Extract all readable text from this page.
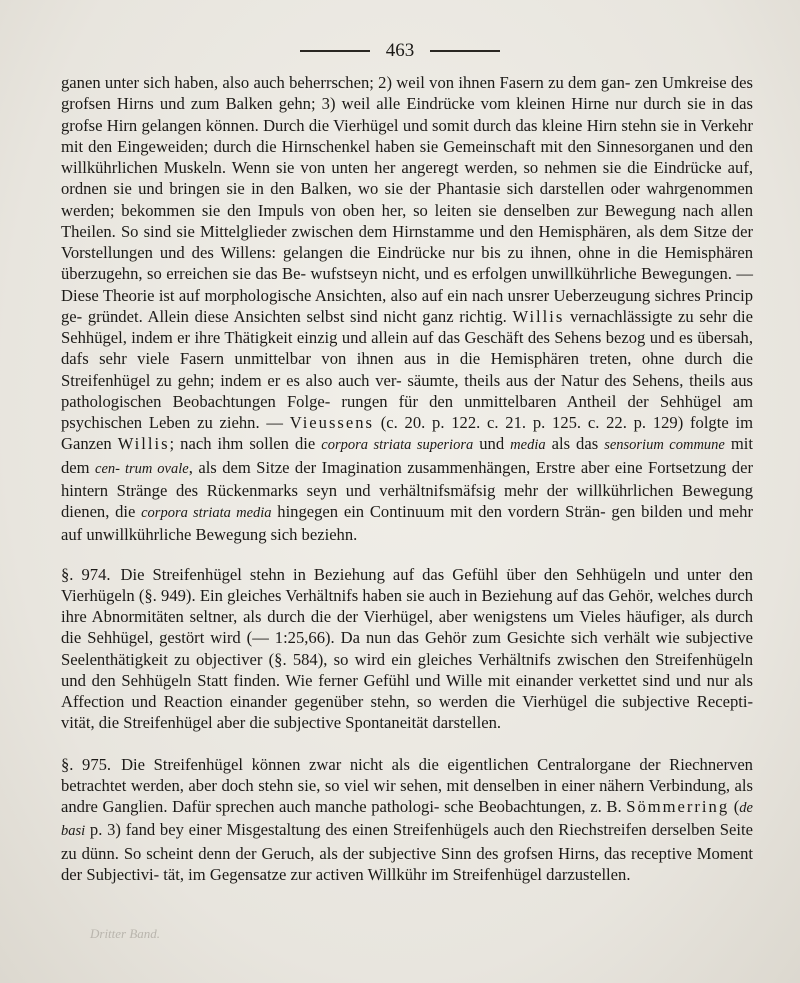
463

ganen unter sich haben, also auch beherrschen; 2) weil von ihnen Fasern zu dem gan- zen Umkreise des grofsen Hirns und zum Balken gehn; 3) weil alle Eindrücke vom kleinen Hirne nur durch sie in das grofse Hirn gelangen können. Durch die Vierhügel und somit durch das kleine Hirn stehn sie in Verkehr mit den Eingeweiden; durch die Hirnschenkel haben sie Gemeinschaft mit den Sinnesorganen und den willkührlichen Muskeln. Wenn sie von unten her angeregt werden, so nehmen sie die Eindrücke auf, ordnen sie und bringen sie in den Balken, wo sie der Phantasie sich darstellen oder wahrgenommen werden; bekommen sie den Impuls von oben her, so leiten sie denselben zur Bewegung nach allen Theilen. So sind sie Mittelglieder zwischen dem Hirnstamme und den Hemisphären, als dem Sitze der Vorstellungen und des Willens: gelangen die Eindrücke nur bis zu ihnen, ohne in die Hemisphären überzugehn, so erreichen sie das Be- wufstseyn nicht, und es erfolgen unwillkührliche Bewegungen. — Diese Theorie ist auf morphologische Ansichten, also auf ein nach unsrer Ueberzeugung sichres Princip ge- gründet. Allein diese Ansichten selbst sind nicht ganz richtig. Willis vernachlässigte zu sehr die Sehhügel, indem er ihre Thätigkeit einzig und allein auf das Geschäft des Sehens bezog und es übersah, dafs sehr viele Fasern unmittelbar von ihnen aus in die Hemisphären treten, ohne durch die Streifenhügel zu gehn; indem er es also auch ver- säumte, theils aus der Natur des Sehens, theils aus pathologischen Beobachtungen Folge- rungen für den unmittelbaren Antheil der Sehhügel am psychischen Leben zu ziehn. — Vieussens (c. 20. p. 122. c. 21. p. 125. c. 22. p. 129) folgte im Ganzen Willis; nach ihm sollen die corpora striata superiora und media als das sensorium commune mit dem cen- trum ovale, als dem Sitze der Imagination zusammenhängen, Erstre aber eine Fortsetzung der hintern Stränge des Rückenmarks seyn und verhältnifsmäfsig mehr der willkührlichen Bewegung dienen, die corpora striata media hingegen ein Continuum mit den vordern Strän- gen bilden und mehr auf unwillkührliche Bewegung sich beziehn.

§. 974. Die Streifenhügel stehn in Beziehung auf das Gefühl über den Sehhügeln und unter den Vierhügeln (§. 949). Ein gleiches Verhältnifs haben sie auch in Beziehung auf das Gehör, welches durch ihre Abnormitäten seltner, als durch die der Vierhügel, aber wenigstens um Vieles häufiger, als durch die Sehhügel, gestört wird (— 1:25,66). Da nun das Gehör zum Gesichte sich verhält wie subjective Seelenthätigkeit zu objectiver (§. 584), so wird ein gleiches Verhältnifs zwischen den Streifenhügeln und den Sehhügeln Statt finden. Wie ferner Gefühl und Wille mit einander verkettet sind und nur als Affection und Reaction einander gegenüber stehn, so werden die Vierhügel die subjective Recepti- vität, die Streifenhügel aber die subjective Spontaneität darstellen.

§. 975. Die Streifenhügel können zwar nicht als die eigentlichen Centralorgane der Riechnerven betrachtet werden, aber doch stehn sie, so viel wir sehen, mit denselben in einer nähern Verbindung, als andre Ganglien. Dafür sprechen auch manche pathologi- sche Beobachtungen, z. B. Sömmerring (de basi p. 3) fand bey einer Misgestaltung des einen Streifenhügels auch den Riechstreifen derselben Seite zu dünn. So scheint denn der Geruch, als der subjective Sinn des grofsen Hirns, das receptive Moment der Subjectivi- tät, im Gegensatze zur activen Willkühr im Streifenhügel darzustellen.

Dritter Band.
